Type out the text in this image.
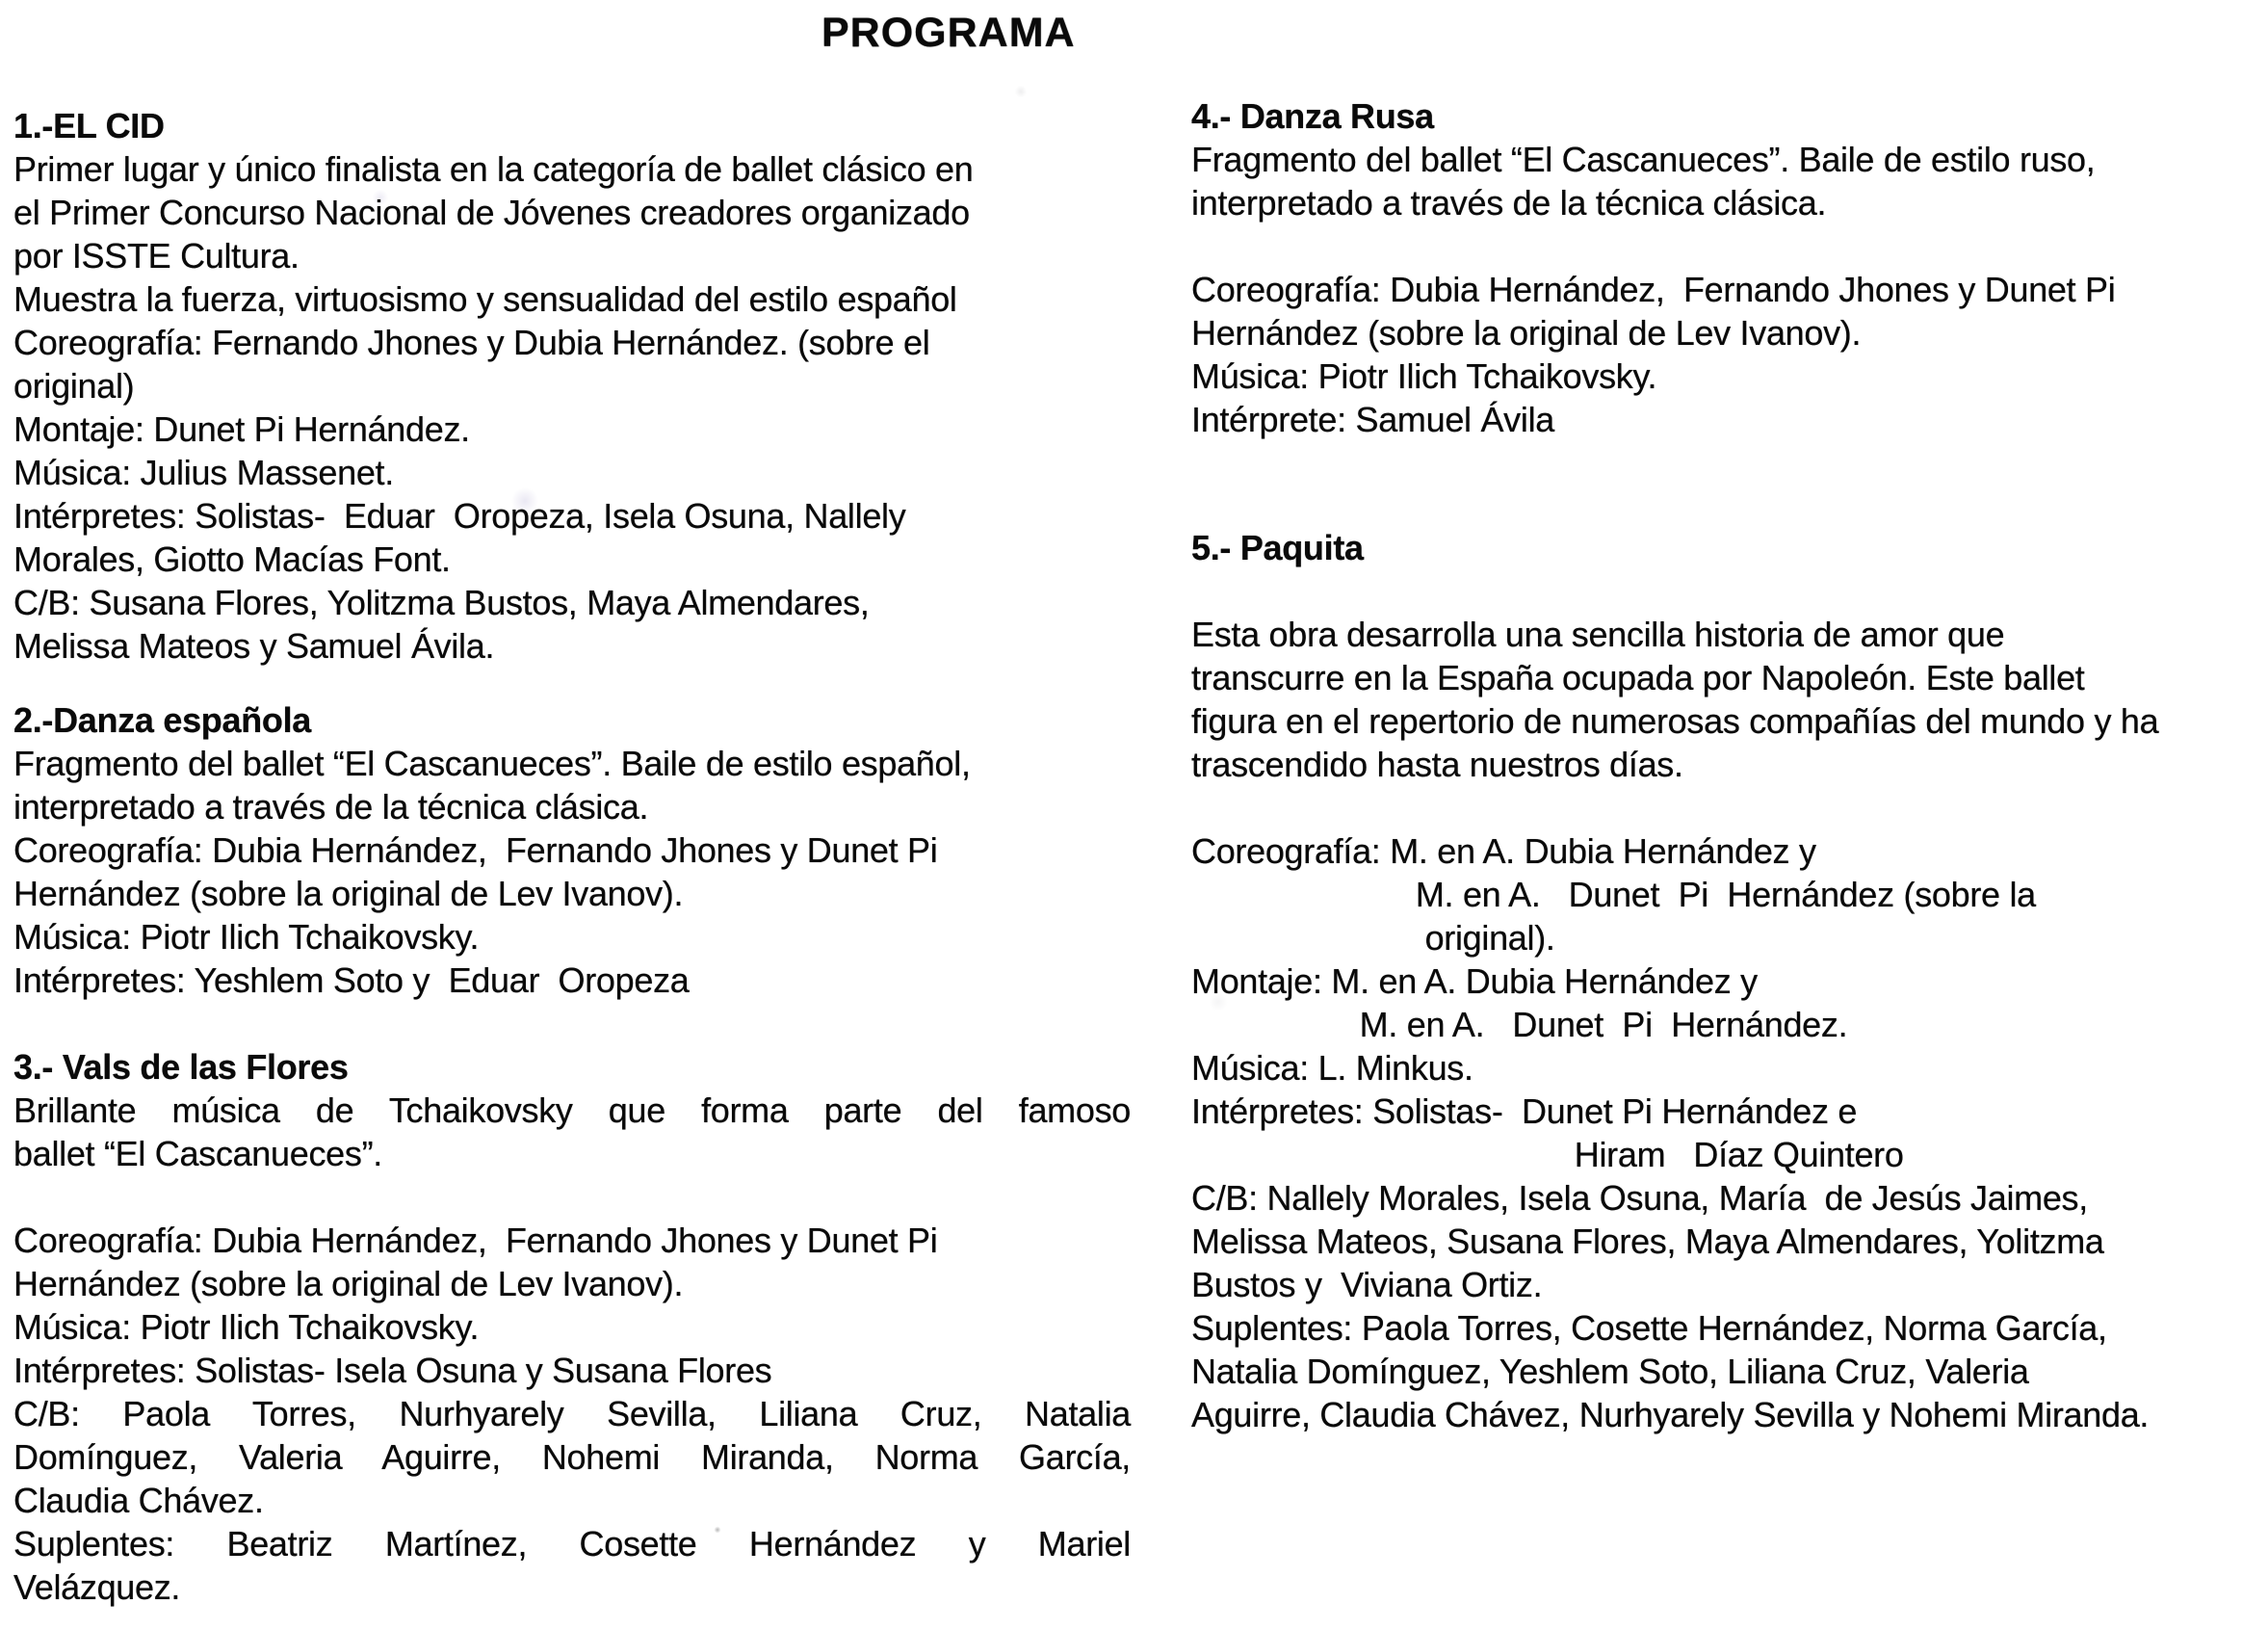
PROGRAMA
1.-EL CID
Primer lugar y único finalista en la categoría de ballet clásico en
el Primer Concurso Nacional de Jóvenes creadores organizado
por ISSTE Cultura.
Muestra la fuerza, virtuosismo y sensualidad del estilo español
Coreografía: Fernando Jhones y Dubia Hernández. (sobre el
original)
Montaje: Dunet Pi Hernández.
Música: Julius Massenet.
Intérpretes: Solistas-  Eduar  Oropeza, Isela Osuna, Nallely
Morales, Giotto Macías Font.
C/B: Susana Flores, Yolitzma Bustos, Maya Almendares,
Melissa Mateos y Samuel Ávila.
2.-Danza española
Fragmento del ballet “El Cascanueces”. Baile de estilo español,
interpretado a través de la técnica clásica.
Coreografía: Dubia Hernández,  Fernando Jhones y Dunet Pi
Hernández (sobre la original de Lev Ivanov).
Música: Piotr Ilich Tchaikovsky.
Intérpretes: Yeshlem Soto y  Eduar  Oropeza
3.- Vals de las Flores
Brillante música de Tchaikovsky que forma parte del famoso
ballet “El Cascanueces”.
Coreografía: Dubia Hernández,  Fernando Jhones y Dunet Pi
Hernández (sobre la original de Lev Ivanov).
Música: Piotr Ilich Tchaikovsky.
Intérpretes: Solistas- Isela Osuna y Susana Flores
C/B: Paola Torres, Nurhyarely Sevilla, Liliana Cruz, Natalia
Domínguez, Valeria Aguirre, Nohemi Miranda, Norma García,
Claudia Chávez.
Suplentes: Beatriz Martínez, Cosette Hernández y Mariel
Velázquez.
4.- Danza Rusa
Fragmento del ballet “El Cascanueces”. Baile de estilo ruso,
interpretado a través de la técnica clásica.
Coreografía: Dubia Hernández,  Fernando Jhones y Dunet Pi
Hernández (sobre la original de Lev Ivanov).
Música: Piotr Ilich Tchaikovsky.
Intérprete: Samuel Ávila
5.- Paquita
Esta obra desarrolla una sencilla historia de amor que
transcurre en la España ocupada por Napoleón. Este ballet
figura en el repertorio de numerosas compañías del mundo y ha
trascendido hasta nuestros días.
Coreografía: M. en A. Dubia Hernández y
M. en A.   Dunet  Pi  Hernández (sobre la
original).
Montaje: M. en A. Dubia Hernández y
M. en A.   Dunet  Pi  Hernández.
Música: L. Minkus.
Intérpretes: Solistas-  Dunet Pi Hernández e
Hiram   Díaz Quintero
C/B: Nallely Morales, Isela Osuna, María  de Jesús Jaimes,
Melissa Mateos, Susana Flores, Maya Almendares, Yolitzma
Bustos y  Viviana Ortiz.
Suplentes: Paola Torres, Cosette Hernández, Norma García,
Natalia Domínguez, Yeshlem Soto, Liliana Cruz, Valeria
Aguirre, Claudia Chávez, Nurhyarely Sevilla y Nohemi Miranda.
